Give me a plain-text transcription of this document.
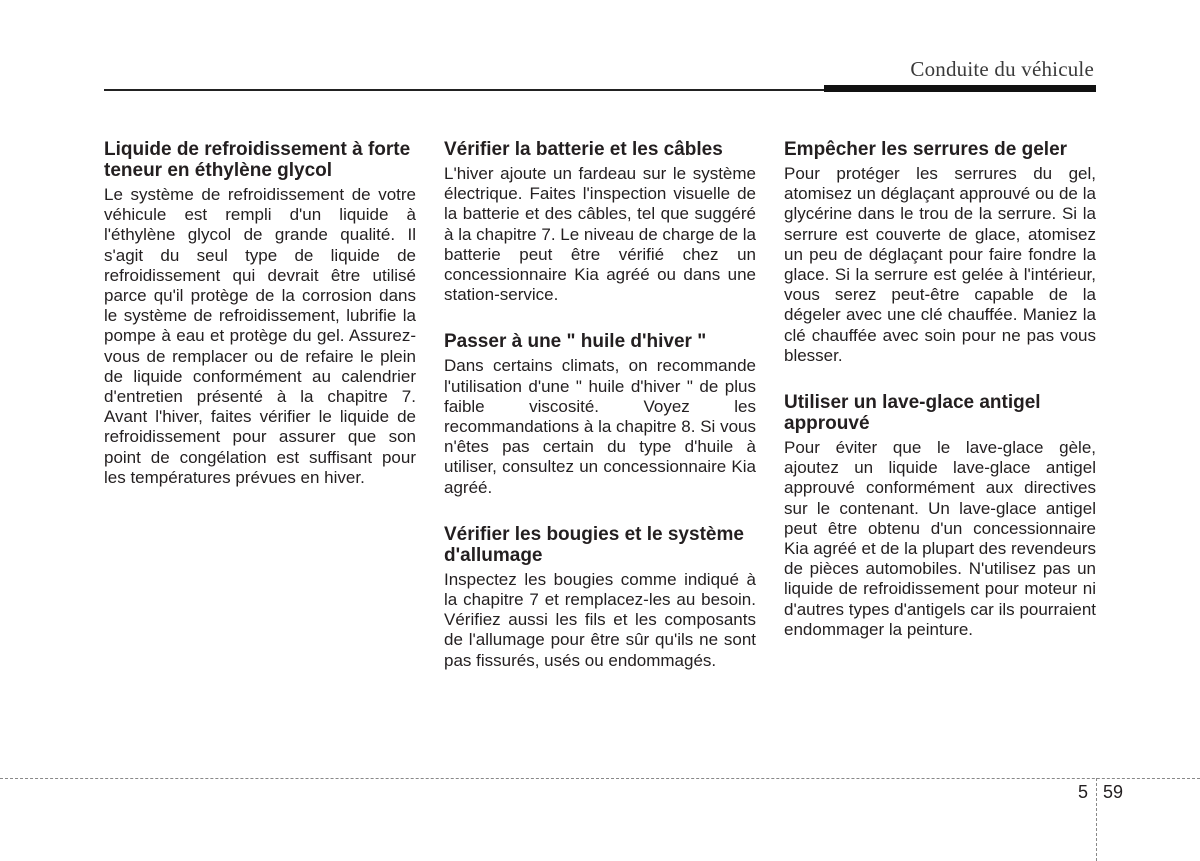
Conduite du véhicule
Liquide de refroidissement à forte teneur en éthylène glycol

Le système de refroidissement de votre véhicule est rempli d'un liquide à l'éthylène glycol de grande qualité. Il s'agit du seul type de liquide de refroidissement qui devrait être utilisé parce qu'il protège de la corrosion dans le système de refroidissement, lubrifie la pompe à eau et protège du gel. Assurez-vous de remplacer ou de refaire le plein de liquide conformément au calendrier d'entretien présenté à la chapitre 7. Avant l'hiver, faites vérifier le liquide de refroidissement pour assurer que son point de congélation est suffisant pour les températures prévues en hiver.

Vérifier la batterie et les câbles

L'hiver ajoute un fardeau sur le système électrique. Faites l'inspection visuelle de la batterie et des câbles, tel que suggéré à la chapitre 7. Le niveau de charge de la batterie peut être vérifié chez un concessionnaire Kia agréé ou dans une station-service.

Passer à une " huile d'hiver "

Dans certains climats, on recommande l'utilisation d'une " huile d'hiver " de plus faible viscosité. Voyez les recommandations à la chapitre 8. Si vous n'êtes pas certain du type d'huile à utiliser, consultez un concessionnaire Kia agréé.

Vérifier les bougies et le système d'allumage

Inspectez les bougies comme indiqué à la chapitre 7 et remplacez-les au besoin. Vérifiez aussi les fils et les composants de l'allumage pour être sûr qu'ils ne sont pas fissurés, usés ou endommagés.

Empêcher les serrures de geler

Pour protéger les serrures du gel, atomisez un déglaçant approuvé ou de la glycérine dans le trou de la serrure. Si la serrure est couverte de glace, atomisez un peu de déglaçant pour faire fondre la glace. Si la serrure est gelée à l'intérieur, vous serez peut-être capable de la dégeler avec une clé chauffée. Maniez la clé chauffée avec soin pour ne pas vous blesser.

Utiliser un lave-glace antigel approuvé

Pour éviter que le lave-glace gèle, ajoutez un liquide lave-glace antigel approuvé conformément aux directives sur le contenant. Un lave-glace antigel peut être obtenu d'un concessionnaire Kia agréé et de la plupart des revendeurs de pièces automobiles. N'utilisez pas un liquide de refroidissement pour moteur ni d'autres types d'antigels car ils pourraient endommager la peinture.

5 59
